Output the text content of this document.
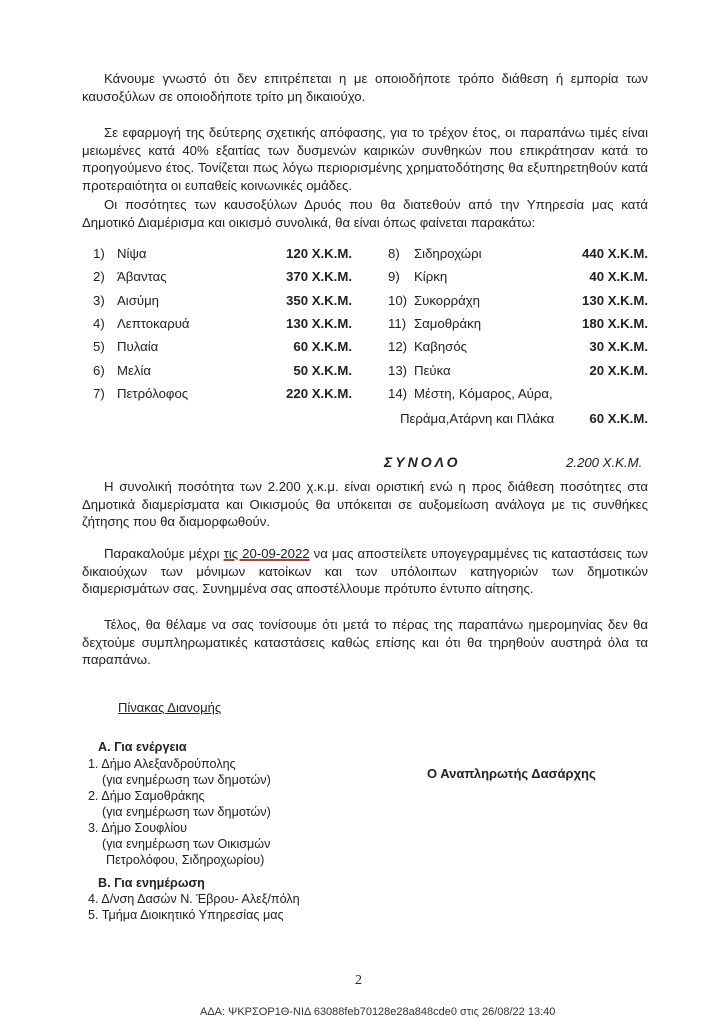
Κάνουμε γνωστό ότι δεν επιτρέπεται η με οποιοδήποτε τρόπο διάθεση ή εμπορία των καυσοξύλων σε οποιοδήποτε τρίτο μη δικαιούχο.

Σε εφαρμογή της δεύτερης σχετικής απόφασης, για το τρέχον έτος, οι παραπάνω τιμές είναι μειωμένες κατά 40% εξαιτίας των δυσμενών καιρικών συνθηκών που επικράτησαν κατά το προηγούμενο έτος. Τονίζεται πως λόγω περιορισμένης χρηματοδότησης θα εξυπηρετηθούν κατά προτεραιότητα οι ευπαθείς κοινωνικές ομάδες.

Οι ποσότητες των καυσοξύλων Δρυός που θα διατεθούν από την Υπηρεσία μας κατά Δημοτικό Διαμέρισμα και οικισμό συνολικά, θα είναι όπως φαίνεται παρακάτω:

1) Νίψα	120 Χ.Κ.Μ.
2) Άβαντας	370 Χ.Κ.Μ.
3) Αισύμη	350 Χ.Κ.Μ.
4) Λεπτοκαρυά	130 Χ.Κ.Μ.
5) Πυλαία	60 Χ.Κ.Μ.
6) Μελία	50 Χ.Κ.Μ.
7) Πετρόλοφος	220 Χ.Κ.Μ.
8) Σιδηροχώρι	440 Χ.Κ.Μ.
9) Κίρκη	40 Χ.Κ.Μ.
10) Συκορράχη	130 Χ.Κ.Μ.
11) Σαμοθράκη	180 Χ.Κ.Μ.
12) Καβησός	30 Χ.Κ.Μ.
13) Πεύκα	20 Χ.Κ.Μ.
14) Μέστη, Κόμαρος, Αύρα,
Περάμα,Ατάρνη και Πλάκα	60 Χ.Κ.Μ.
ΣΥΝΟΛΟ	2.200 Χ.Κ.Μ.

Η συνολική ποσότητα των 2.200 χ.κ.μ. είναι οριστική ενώ η προς διάθεση ποσότητες στα Δημοτικά διαμερίσματα και Οικισμούς θα υπόκειται σε αυξομείωση ανάλογα με τις συνθήκες ζήτησης που θα διαμορφωθούν.

Παρακαλούμε μέχρι τις 20-09-2022 να μας αποστείλετε υπογεγραμμένες τις καταστάσεις των δικαιούχων των μόνιμων κατοίκων και των υπόλοιπων κατηγοριών των δημοτικών διαμερισμάτων σας. Συνημμένα σας αποστέλλουμε πρότυπο έντυπο αίτησης.

Τέλος, θα θέλαμε να σας τονίσουμε ότι μετά το πέρας της παραπάνω ημερομηνίας δεν θα δεχτούμε συμπληρωματικές καταστάσεις καθώς επίσης και ότι θα τηρηθούν αυστηρά όλα τα παραπάνω.

Πίνακας Διανομής
Α. Για ενέργεια
1. Δήμο Αλεξανδρούπολης
(για ενημέρωση των δημοτών)
2. Δήμο Σαμοθράκης
(για ενημέρωση των δημοτών)
3. Δήμο Σουφλίου
(για ενημέρωση των Οικισμών
Πετρολόφου, Σιδηροχωρίου)
Β. Για ενημέρωση
4. Δ/νση Δασών Ν. Έβρου- Αλεξ/πόλη
5. Τμήμα Διοικητικό Υπηρεσίας μας
Ο Αναπληρωτής Δασάρχης
2
ΑΔΑ: ΨΚΡΣΟΡ1Θ-ΝΙΔ 63088feb70128e28a848cde0 στις 26/08/22 13:40
